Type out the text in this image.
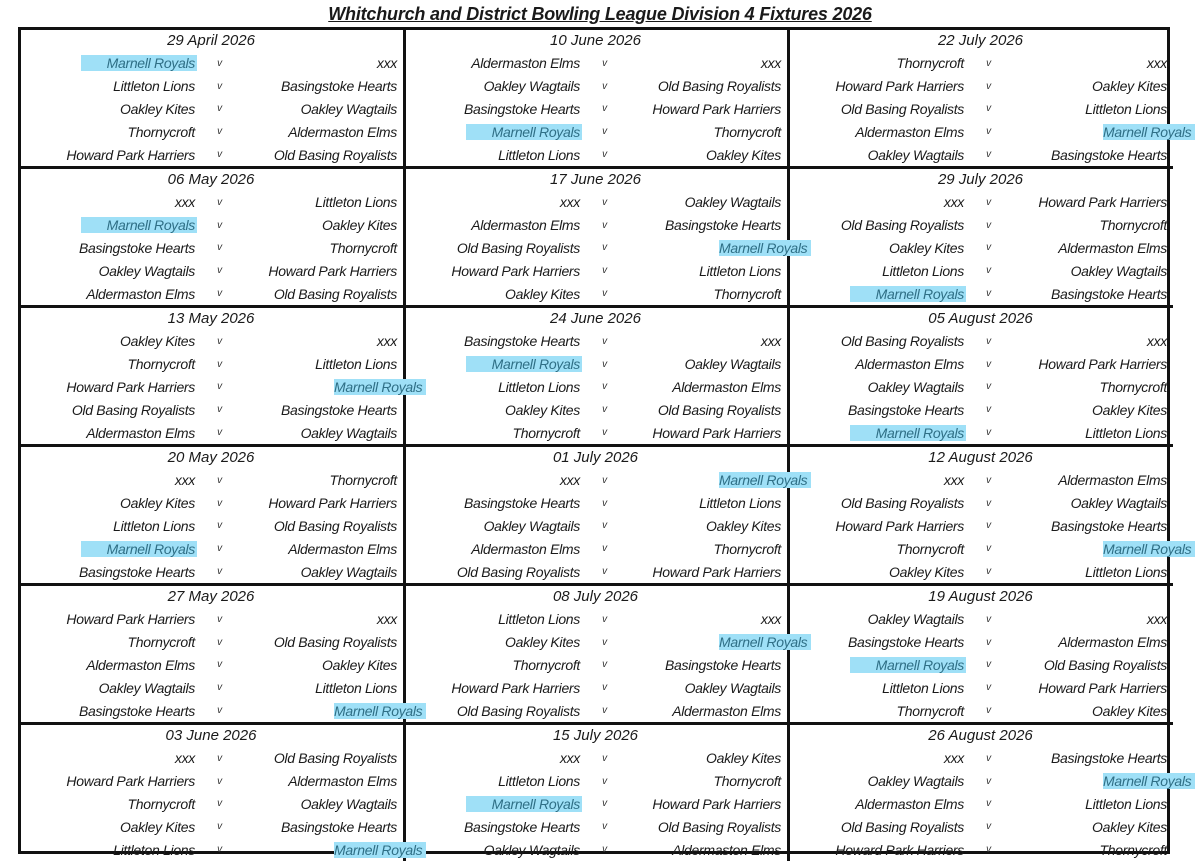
Whitchurch and District Bowling League Division 4 Fixtures 2026
29 April 2026
Marnell Royals	v	xxx
Littleton Lions	v	Basingstoke Hearts
Oakley Kites	v	Oakley Wagtails
Thornycroft	v	Aldermaston Elms
Howard Park Harriers	v	Old Basing Royalists
10 June 2026
Aldermaston Elms	v	xxx
Oakley Wagtails	v	Old Basing Royalists
Basingstoke Hearts	v	Howard Park Harriers
Marnell Royals	v	Thornycroft
Littleton Lions	v	Oakley Kites
22 July 2026
Thornycroft	v	xxx
Howard Park Harriers	v	Oakley Kites
Old Basing Royalists	v	Littleton Lions
Aldermaston Elms	v	Marnell Royals
Oakley Wagtails	v	Basingstoke Hearts
06 May 2026
xxx	v	Littleton Lions
Marnell Royals	v	Oakley Kites
Basingstoke Hearts	v	Thornycroft
Oakley Wagtails	v	Howard Park Harriers
Aldermaston Elms	v	Old Basing Royalists
17 June 2026
xxx	v	Oakley Wagtails
Aldermaston Elms	v	Basingstoke Hearts
Old Basing Royalists	v	Marnell Royals
Howard Park Harriers	v	Littleton Lions
Oakley Kites	v	Thornycroft
29 July 2026
xxx	v	Howard Park Harriers
Old Basing Royalists	v	Thornycroft
Oakley Kites	v	Aldermaston Elms
Littleton Lions	v	Oakley Wagtails
Marnell Royals	v	Basingstoke Hearts
13 May 2026
Oakley Kites	v	xxx
Thornycroft	v	Littleton Lions
Howard Park Harriers	v	Marnell Royals
Old Basing Royalists	v	Basingstoke Hearts
Aldermaston Elms	v	Oakley Wagtails
24 June 2026
Basingstoke Hearts	v	xxx
Marnell Royals	v	Oakley Wagtails
Littleton Lions	v	Aldermaston Elms
Oakley Kites	v	Old Basing Royalists
Thornycroft	v	Howard Park Harriers
05 August 2026
Old Basing Royalists	v	xxx
Aldermaston Elms	v	Howard Park Harriers
Oakley Wagtails	v	Thornycroft
Basingstoke Hearts	v	Oakley Kites
Marnell Royals	v	Littleton Lions
20 May 2026
xxx	v	Thornycroft
Oakley Kites	v	Howard Park Harriers
Littleton Lions	v	Old Basing Royalists
Marnell Royals	v	Aldermaston Elms
Basingstoke Hearts	v	Oakley Wagtails
01 July 2026
xxx	v	Marnell Royals
Basingstoke Hearts	v	Littleton Lions
Oakley Wagtails	v	Oakley Kites
Aldermaston Elms	v	Thornycroft
Old Basing Royalists	v	Howard Park Harriers
12 August 2026
xxx	v	Aldermaston Elms
Old Basing Royalists	v	Oakley Wagtails
Howard Park Harriers	v	Basingstoke Hearts
Thornycroft	v	Marnell Royals
Oakley Kites	v	Littleton Lions
27 May 2026
Howard Park Harriers	v	xxx
Thornycroft	v	Old Basing Royalists
Aldermaston Elms	v	Oakley Kites
Oakley Wagtails	v	Littleton Lions
Basingstoke Hearts	v	Marnell Royals
08 July 2026
Littleton Lions	v	xxx
Oakley Kites	v	Marnell Royals
Thornycroft	v	Basingstoke Hearts
Howard Park Harriers	v	Oakley Wagtails
Old Basing Royalists	v	Aldermaston Elms
19 August 2026
Oakley Wagtails	v	xxx
Basingstoke Hearts	v	Aldermaston Elms
Marnell Royals	v	Old Basing Royalists
Littleton Lions	v	Howard Park Harriers
Thornycroft	v	Oakley Kites
03 June 2026
xxx	v	Old Basing Royalists
Howard Park Harriers	v	Aldermaston Elms
Thornycroft	v	Oakley Wagtails
Oakley Kites	v	Basingstoke Hearts
Littleton Lions	v	Marnell Royals
15 July 2026
xxx	v	Oakley Kites
Littleton Lions	v	Thornycroft
Marnell Royals	v	Howard Park Harriers
Basingstoke Hearts	v	Old Basing Royalists
Oakley Wagtails	v	Aldermaston Elms
26 August 2026
xxx	v	Basingstoke Hearts
Oakley Wagtails	v	Marnell Royals
Aldermaston Elms	v	Littleton Lions
Old Basing Royalists	v	Oakley Kites
Howard Park Harriers	v	Thornycroft
